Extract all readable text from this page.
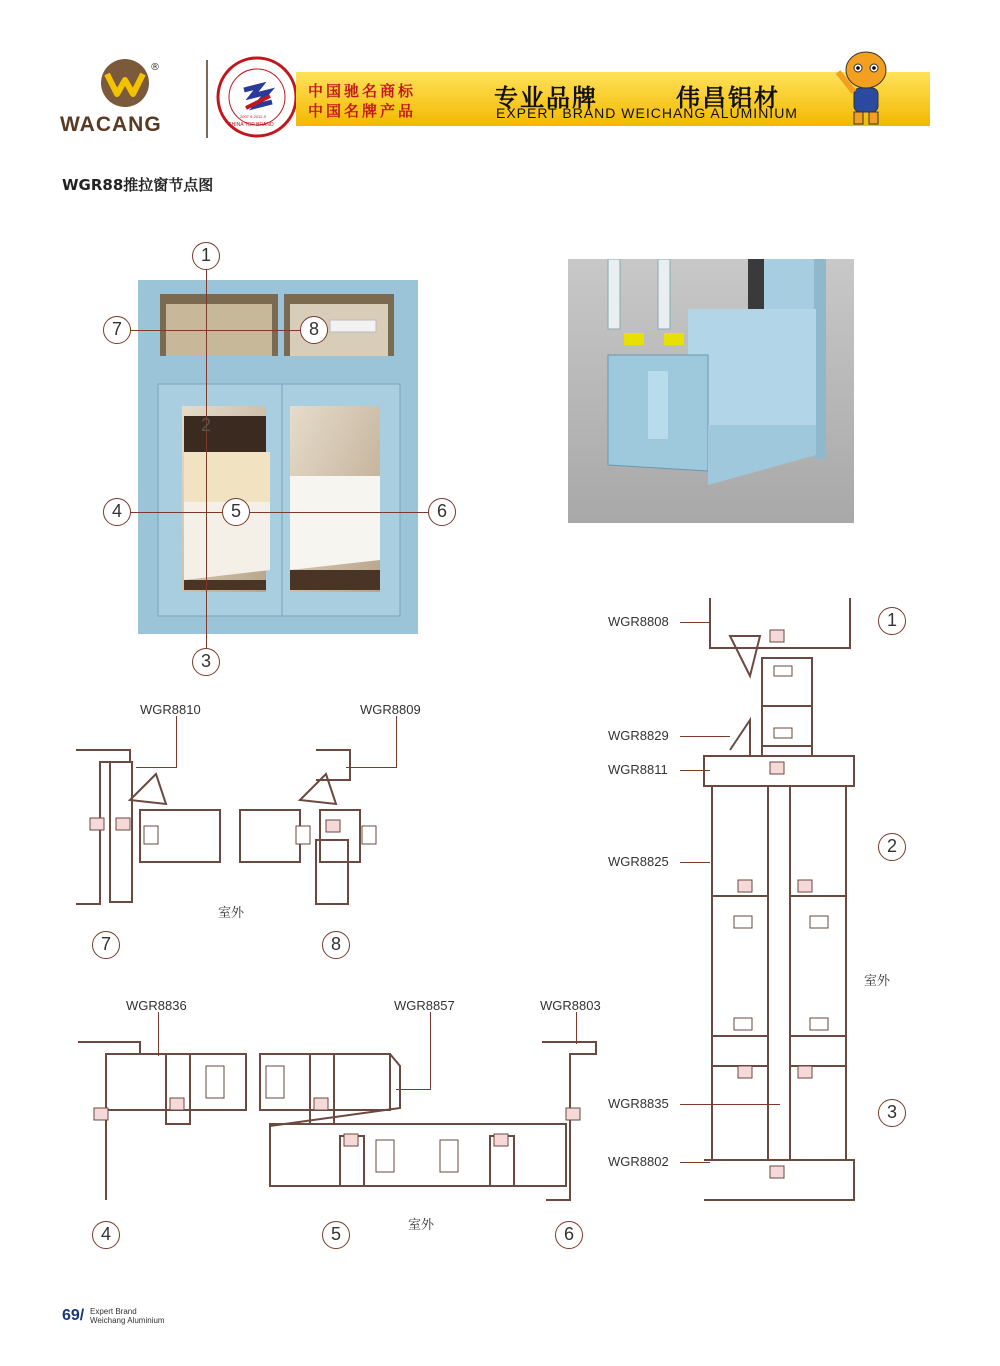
®
WACANG	CHINA TOP BRAND
2007.9-2012.9
中国驰名商标
中国名牌产品	专业品牌	伟昌铝材
EXPERT BRAND WEICHANG ALUMINIUM
WGR88推拉窗节点图
1
2
3
4	5	6
7	8
WGR8808
WGR8829
WGR8811
WGR8825
WGR8835
WGR8802
1
2
3
室外
WGR8810	WGR8809
室外
7	8
WGR8836	WGR8857	WGR8803
室外
4	5	6
69/ Expert Brand
Weichang Aluminium
